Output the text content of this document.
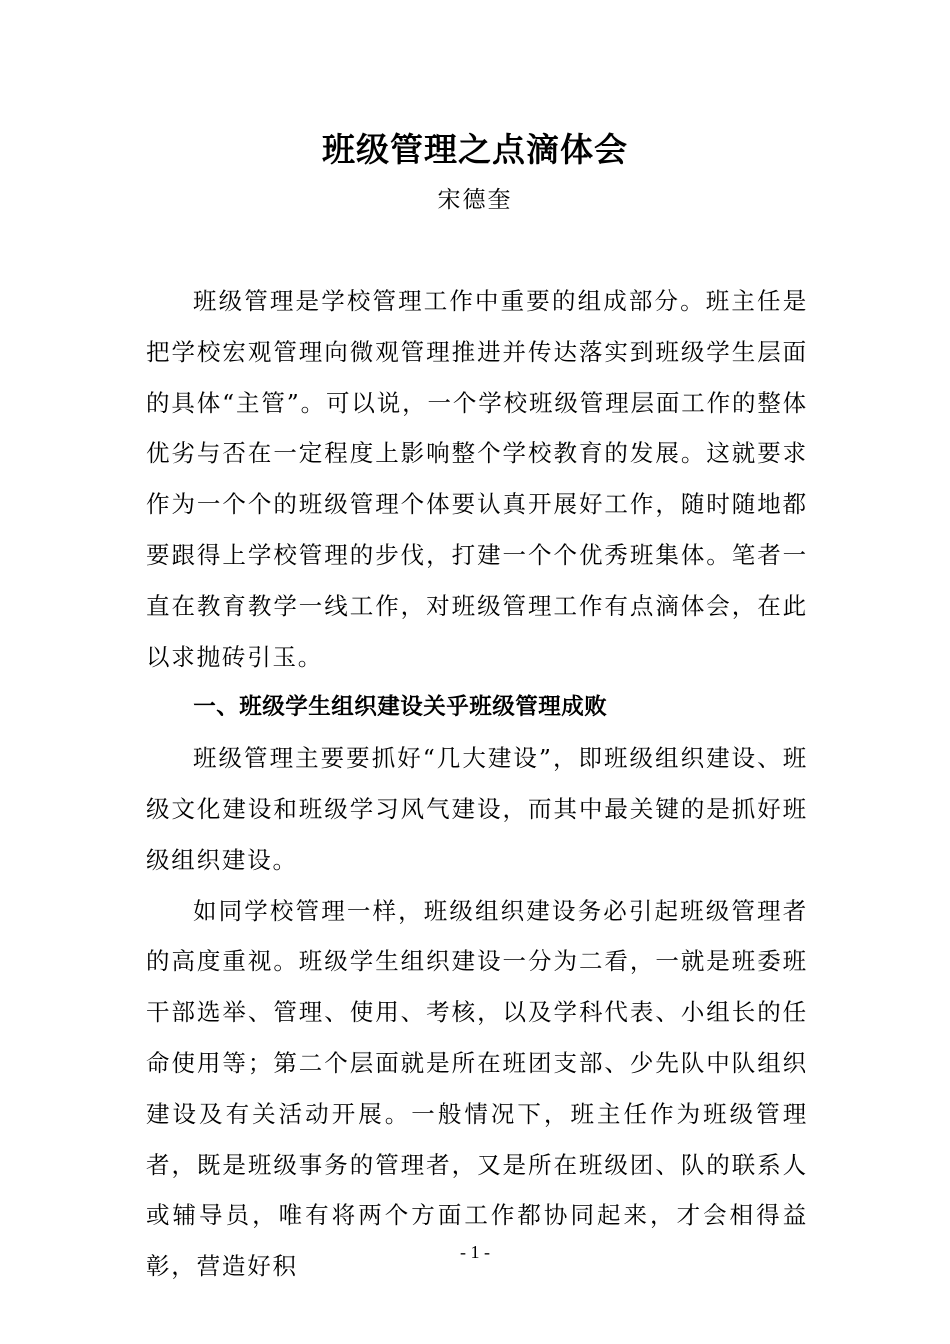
班级管理之点滴体会
宋德奎

班级管理是学校管理工作中重要的组成部分。班主任是把学校宏观管理向微观管理推进并传达落实到班级学生层面的具体“主管”。可以说，一个学校班级管理层面工作的整体优劣与否在一定程度上影响整个学校教育的发展。这就要求作为一个个的班级管理个体要认真开展好工作，随时随地都要跟得上学校管理的步伐，打建一个个优秀班集体。笔者一直在教育教学一线工作，对班级管理工作有点滴体会，在此以求抛砖引玉。

一、班级学生组织建设关乎班级管理成败

班级管理主要要抓好“几大建设”，即班级组织建设、班级文化建设和班级学习风气建设，而其中最关键的是抓好班级组织建设。

如同学校管理一样，班级组织建设务必引起班级管理者的高度重视。班级学生组织建设一分为二看，一就是班委班干部选举、管理、使用、考核，以及学科代表、小组长的任命使用等；第二个层面就是所在班团支部、少先队中队组织建设及有关活动开展。一般情况下，班主任作为班级管理者，既是班级事务的管理者，又是所在班级团、队的联系人或辅导员，唯有将两个方面工作都协同起来，才会相得益彰，营造好积

- 1 -
